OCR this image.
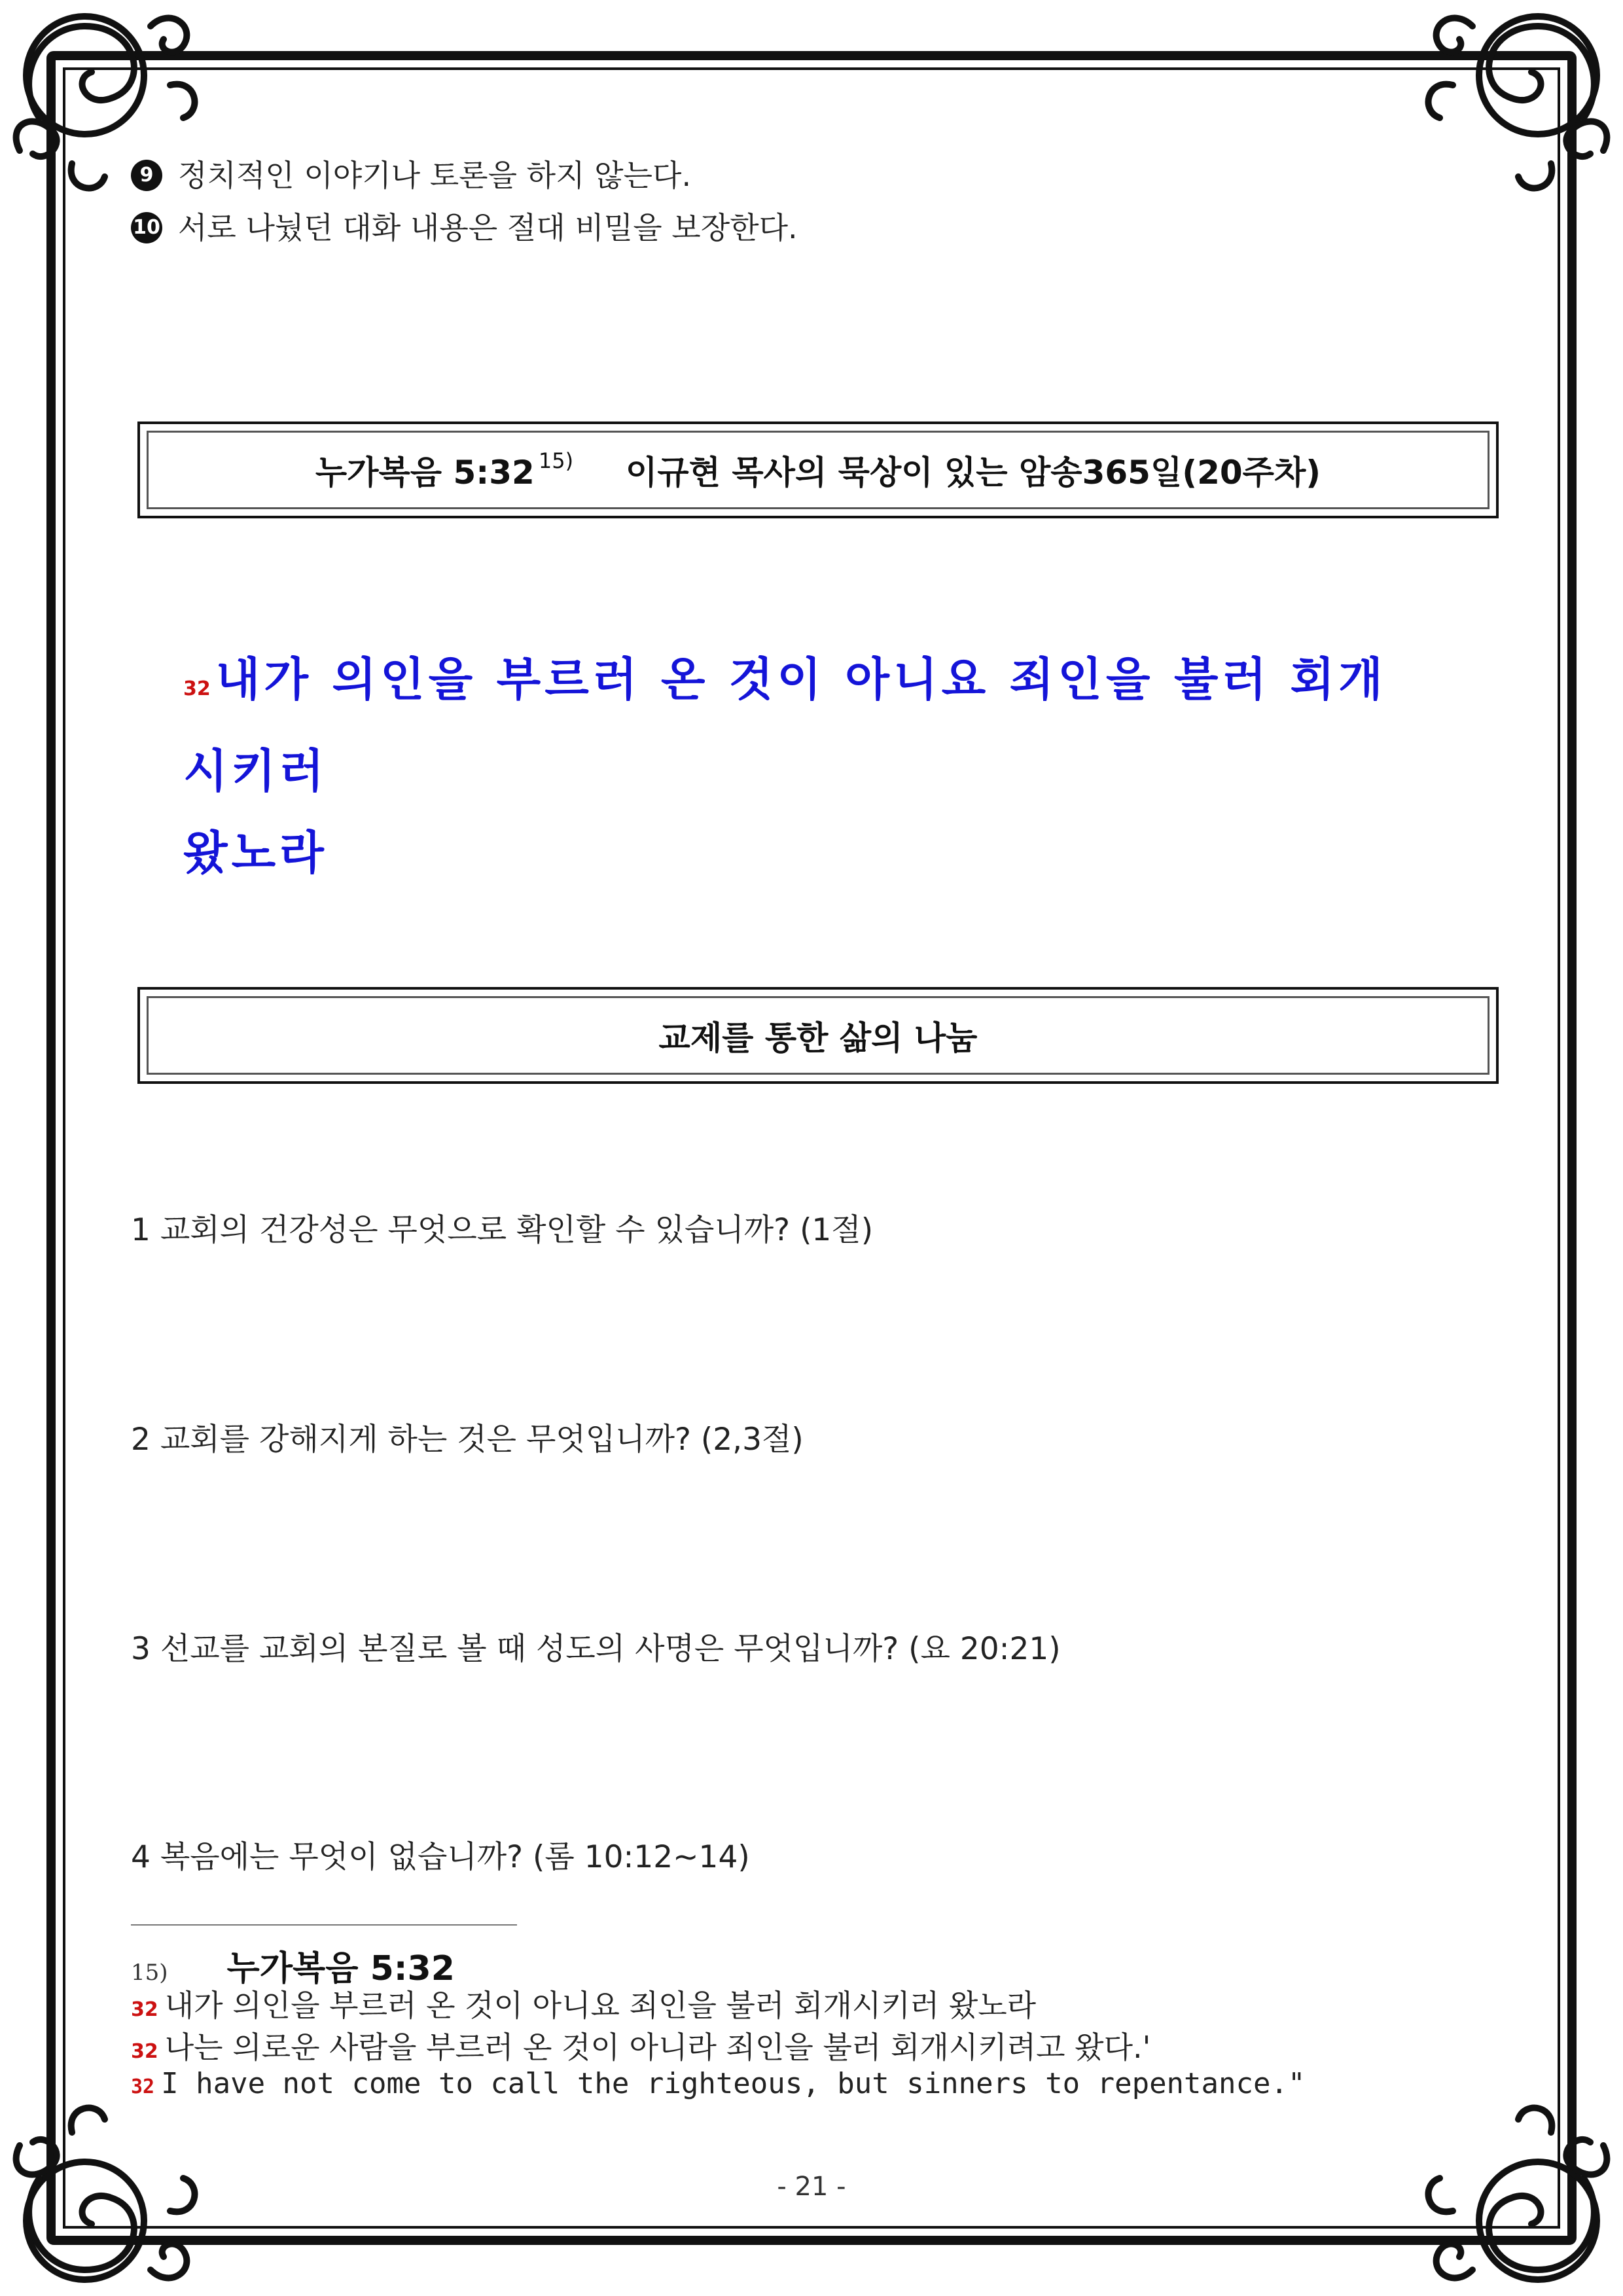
9 정치적인 이야기나 토론을 하지 않는다.
10 서로 나눴던 대화 내용은 절대 비밀을 보장한다.
누가복음 5:32 $^{15)}$ 이규현 목사의 묵상이 있는 암송365일(20주차)
32 내가 의인을 부르러 온 것이 아니요 죄인을 불러 회개시키러
왔노라
교제를 통한 삶의 나눔
1 교회의 건강성은 무엇으로 확인할 수 있습니까? (1절)
2 교회를 강해지게 하는 것은 무엇입니까? (2,3절)
3 선교를 교회의 본질로 볼 때 성도의 사명은 무엇입니까? (요 20:21)
4 복음에는 무엇이 없습니까? (롬 10:12~14)
15) 누가복음 5:32
32 내가 의인을 부르러 온 것이 아니요 죄인을 불러 회개시키러 왔노라
32 나는 의로운 사람을 부르러 온 것이 아니라 죄인을 불러 회개시키려고 왔다.'
32 I have not come to call the righteous, but sinners to repentance."
- 21 -
